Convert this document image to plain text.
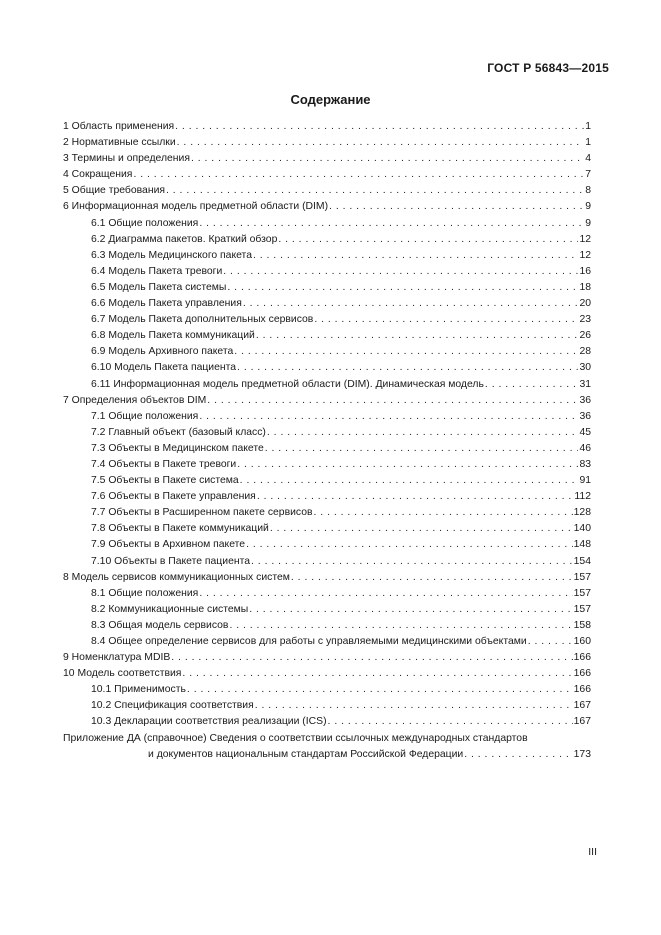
ГОСТ Р 56843—2015
Содержание
1 Область применения . . .	1
2 Нормативные ссылки . . .	1
3 Термины и определения . . .	4
4 Сокращения . . .	7
5 Общие требования . . .	8
6 Информационная модель предметной области (DIM) . . .	9
6.1 Общие положения . . .	9
6.2 Диаграмма пакетов. Краткий обзор . . .	12
6.3 Модель Медицинского пакета . . .	12
6.4 Модель Пакета тревоги . . .	16
6.5 Модель Пакета системы . . .	18
6.6 Модель Пакета управления . . .	20
6.7 Модель Пакета дополнительных сервисов . . .	23
6.8 Модель Пакета коммуникаций . . .	26
6.9 Модель Архивного пакета . . .	28
6.10 Модель Пакета пациента . . .	30
6.11 Информационная модель предметной области (DIM). Динамическая модель . . .	31
7 Определения объектов DIM . . .	36
7.1 Общие положения . . .	36
7.2 Главный объект (базовый класс) . . .	45
7.3 Объекты в Медицинском пакете . . .	46
7.4 Объекты в Пакете тревоги . . .	83
7.5 Объекты в Пакете система . . .	91
7.6 Объекты в Пакете управления . . .	112
7.7 Объекты в Расширенном пакете сервисов . . .	128
7.8 Объекты в Пакете коммуникаций . . .	140
7.9 Объекты в Архивном пакете . . .	148
7.10 Объекты в Пакете пациента . . .	154
8 Модель сервисов коммуникационных систем . . .	157
8.1 Общие положения . . .	157
8.2 Коммуникационные системы . . .	157
8.3 Общая модель сервисов . . .	158
8.4 Общее определение сервисов для работы с управляемыми медицинскими объектами . . .	160
9 Номенклатура MDIB . . .	166
10 Модель соответствия . . .	166
10.1 Применимость . . .	166
10.2 Спецификация соответствия . . .	167
10.3 Декларации соответствия реализации (ICS) . . .	167
Приложение ДА (справочное) Сведения о соответствии ссылочных международных стандартов
и документов национальным стандартам Российской Федерации . . .	173
III
